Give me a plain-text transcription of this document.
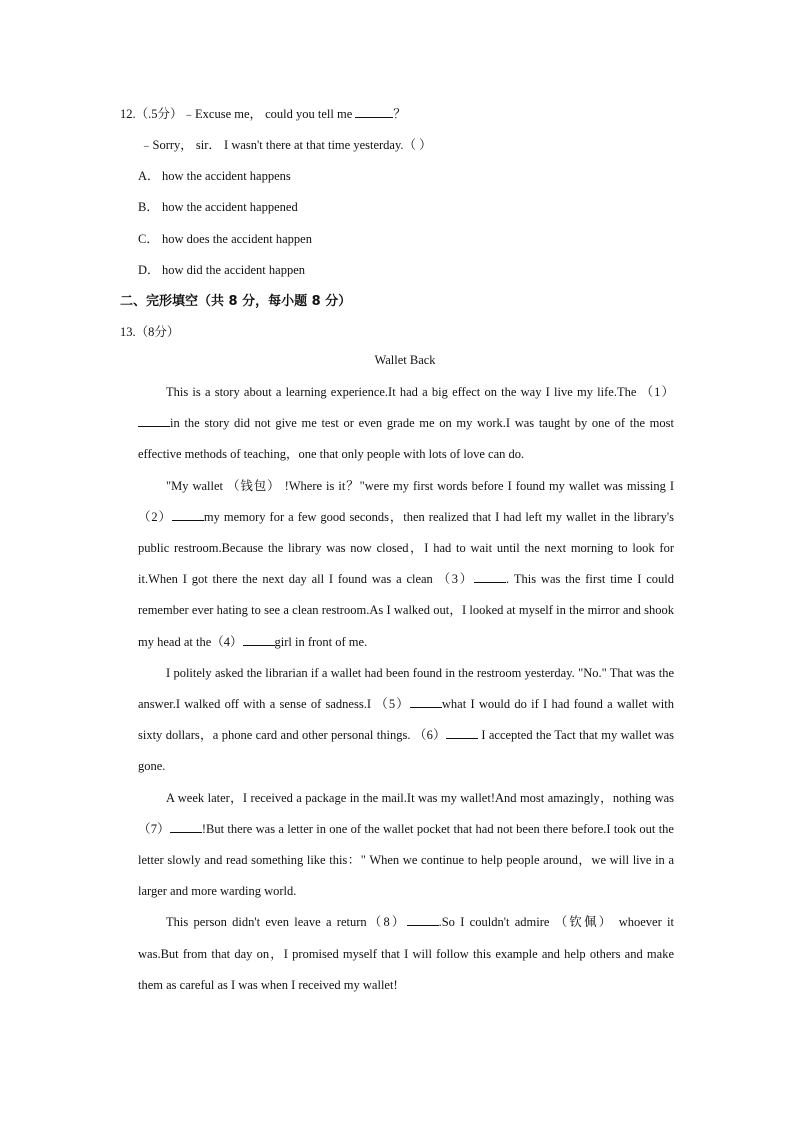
12.（.5分）﹣Excuse me， could you tell me	？
﹣Sorry， sir． I wasn't there at that time yesterday.（ ）
A． how the accident happens
B． how the accident happened
C． how does the accident happen
D． how did the accident happen
二、完形填空（共 8 分，每小题 8 分）
13.（8分）
Wallet Back

This is a story about a learning experience.It had a big effect on the way I live my life.The （1）in the story did not give me test or even grade me on my work.I was taught by one of the most effective methods of teaching，one that only people with lots of love can do.

"My wallet （钱包） !Where is it？"were my first words before I found my wallet was missing I （2）	my memory for a few good seconds，then realized that I had left my wallet in the library's public restroom.Because the library was now closed，I had to wait until the next morning to look for it.When I got there the next day all I found was a clean （3）	. This was the first time I could remember ever hating to see a clean restroom.As I walked out，I looked at myself in the mirror and shook my head at the（4）	girl in front of me.

I politely asked the librarian if a wallet had been found in the restroom yesterday. "No." That was the answer.I walked off with a sense of sadness.I （5）	what I would do if I had found a wallet with sixty dollars，a phone card and other personal things. （6）	I accepted the Tact that my wallet was gone.

A week later，I received a package in the mail.It was my wallet!And most amazingly，nothing was（7）	!But there was a letter in one of the wallet pocket that had not been there before.I took out the letter slowly and read something like this：" When we continue to help people around，we will live in a larger and more warding world.

This person didn't even leave a return（8）	.So I couldn't admire （钦佩） whoever it was.But from that day on，I promised myself that I will follow this example and help others and make them as careful as I was when I received my wallet!
